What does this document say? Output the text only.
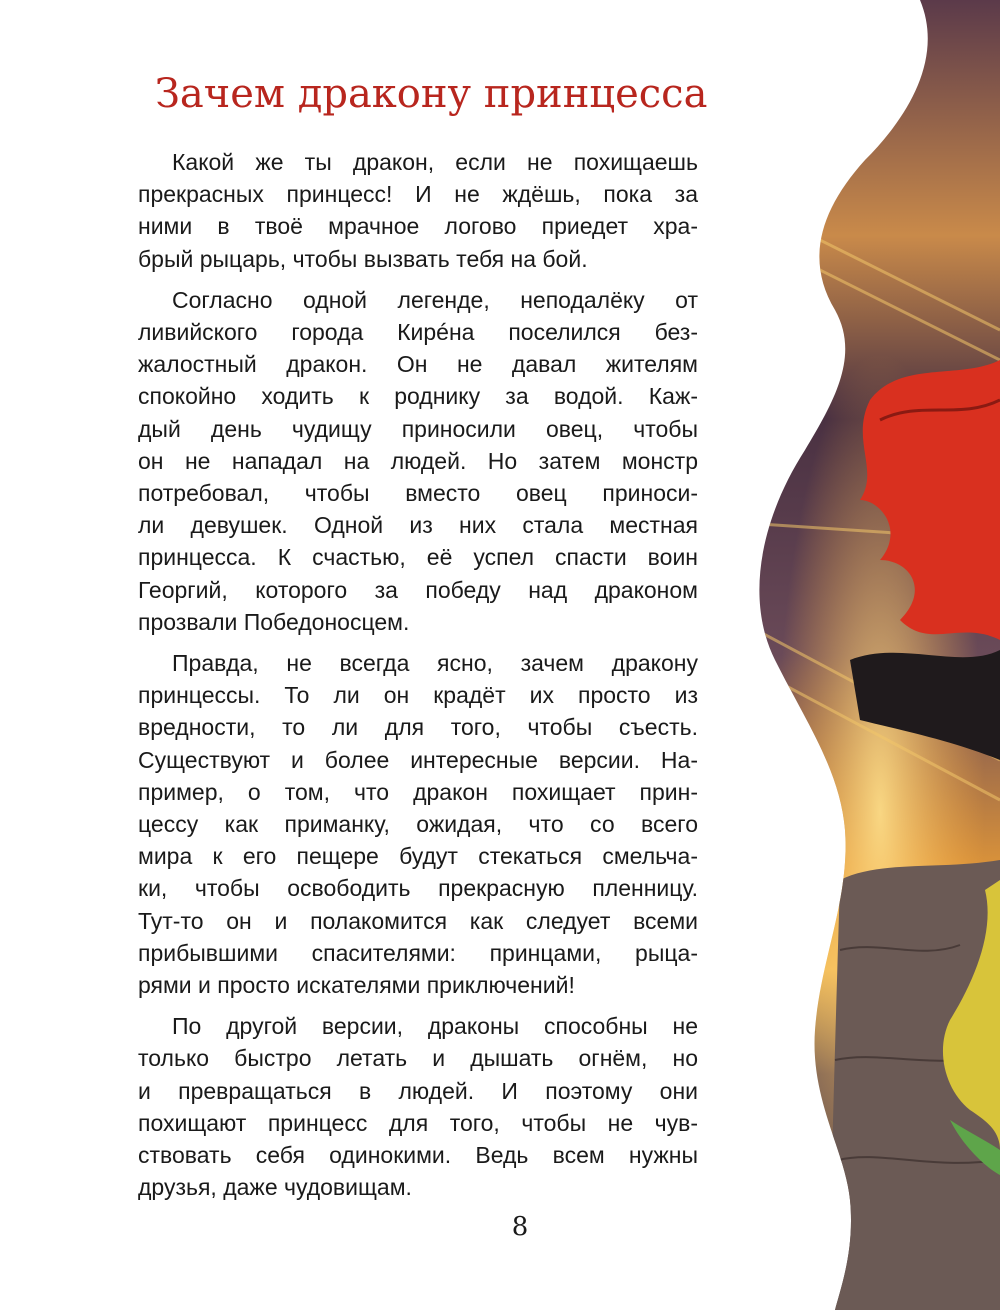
Зачем дракону принцесса

Какой же ты дракон, если не похищаешь
прекрасных принцесс! И не ждёшь, пока за
ними в твоё мрачное логово приедет хра-
брый рыцарь, чтобы вызвать тебя на бой.

Согласно одной легенде, неподалёку от
ливийского города Кирéна поселился без-
жалостный дракон. Он не давал жителям
спокойно ходить к роднику за водой. Каж-
дый день чудищу приносили овец, чтобы
он не нападал на людей. Но затем монстр
потребовал, чтобы вместо овец приноси-
ли девушек. Одной из них стала местная
принцесса. К счастью, её успел спасти воин
Георгий, которого за победу над драконом
прозвали Победоносцем.

Правда, не всегда ясно, зачем дракону
принцессы. То ли он крадёт их просто из
вредности, то ли для того, чтобы съесть.
Существуют и более интересные версии. На-
пример, о том, что дракон похищает прин-
цессу как приманку, ожидая, что со всего
мира к его пещере будут стекаться смельча-
ки, чтобы освободить прекрасную пленницу.
Тут-то он и полакомится как следует всеми
прибывшими спасителями: принцами, рыца-
рями и просто искателями приключений!

По другой версии, драконы способны не
только быстро летать и дышать огнём, но
и превращаться в людей. И поэтому они
похищают принцесс для того, чтобы не чув-
ствовать себя одинокими. Ведь всем нужны
друзья, даже чудовищам.

8
